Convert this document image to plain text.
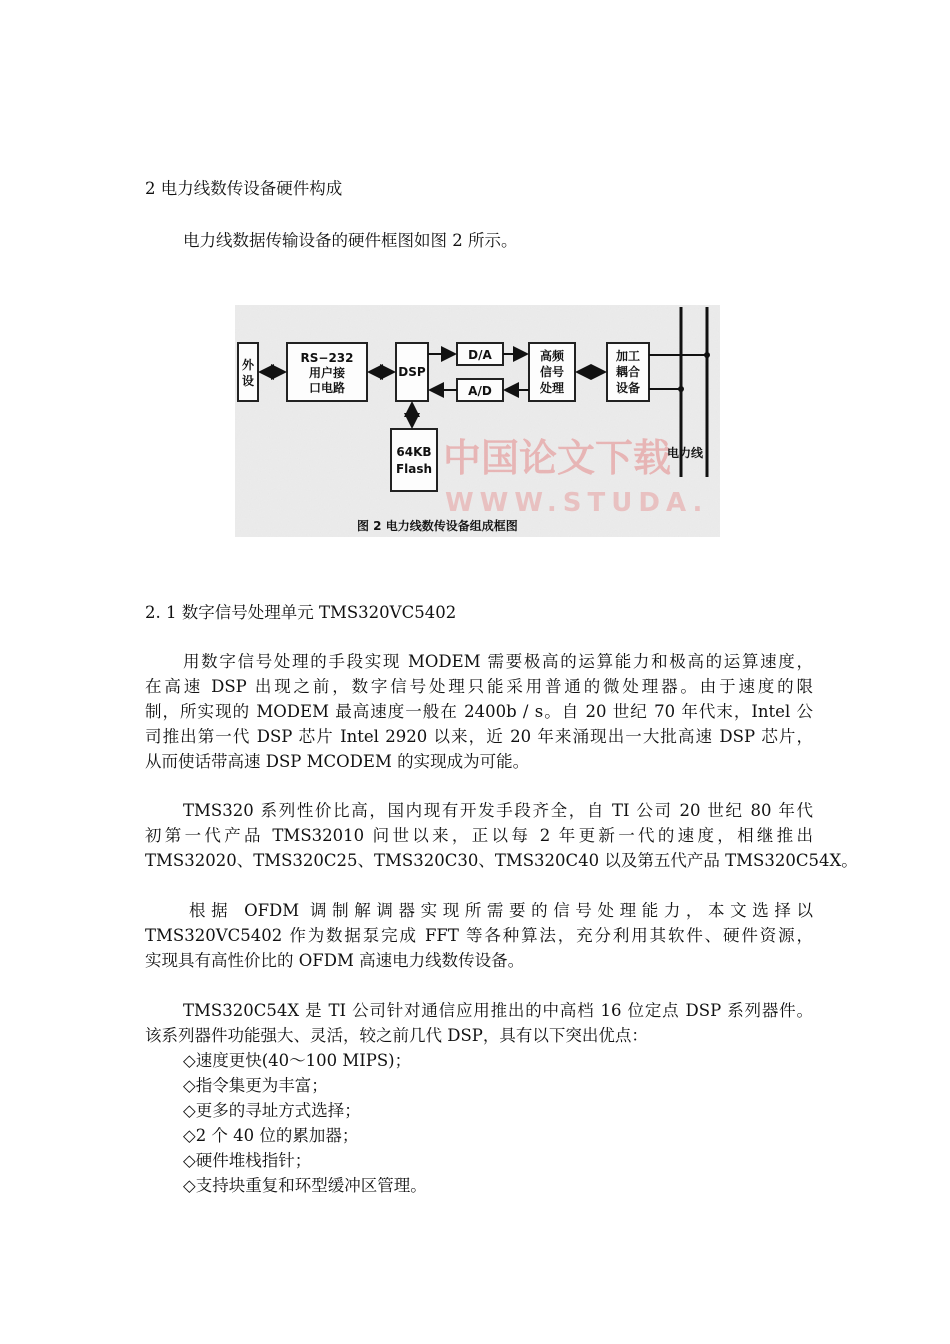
2 电力线数传设备硬件构成
电力线数据传输设备的硬件框图如图 2 所示。
中国论文下载
WWW.STUDA.
外
设
RS−232
用户接
口电路
DSP
D/A
A/D
高频
信号
处理
加工
耦合
设备
64KB
Flash
电力线
图 2 电力线数传设备组成框图
2. 1 数字信号处理单元 TMS320VC5402

用数字信号处理的手段实现 MODEM 需要极高的运算能力和极高的运算速度，

在高速 DSP 出现之前，数字信号处理只能采用普通的微处理器。由于速度的限

制，所实现的 MODEM 最高速度一般在 2400b / s。自 20 世纪 70 年代末，Intel 公

司推出第一代 DSP 芯片 Intel 2920 以来，近 20 年来涌现出一大批高速 DSP 芯片，

从而使话带高速 DSP MCODEM 的实现成为可能。

TMS320 系列性价比高，国内现有开发手段齐全，自 TI 公司 20 世纪 80 年代

初第一代产品 TMS32010 问世以来，正以每 2 年更新一代的速度，相继推出

TMS32020、TMS320C25、TMS320C30、TMS320C40 以及第五代产品 TMS320C54X。

根据 OFDM 调制解调器实现所需要的信号处理能力，本文选择以

TMS320VC5402 作为数据泵完成 FFT 等各种算法，充分利用其软件、硬件资源，

实现具有高性价比的 OFDM 高速电力线数传设备。

TMS320C54X 是 TI 公司针对通信应用推出的中高档 16 位定点 DSP 系列器件。

该系列器件功能强大、灵活，较之前几代 DSP，具有以下突出优点：

◇速度更快(40～100 MIPS)；
◇指令集更为丰富；
◇更多的寻址方式选择；
◇2 个 40 位的累加器；
◇硬件堆栈指针；
◇支持块重复和环型缓冲区管理。
